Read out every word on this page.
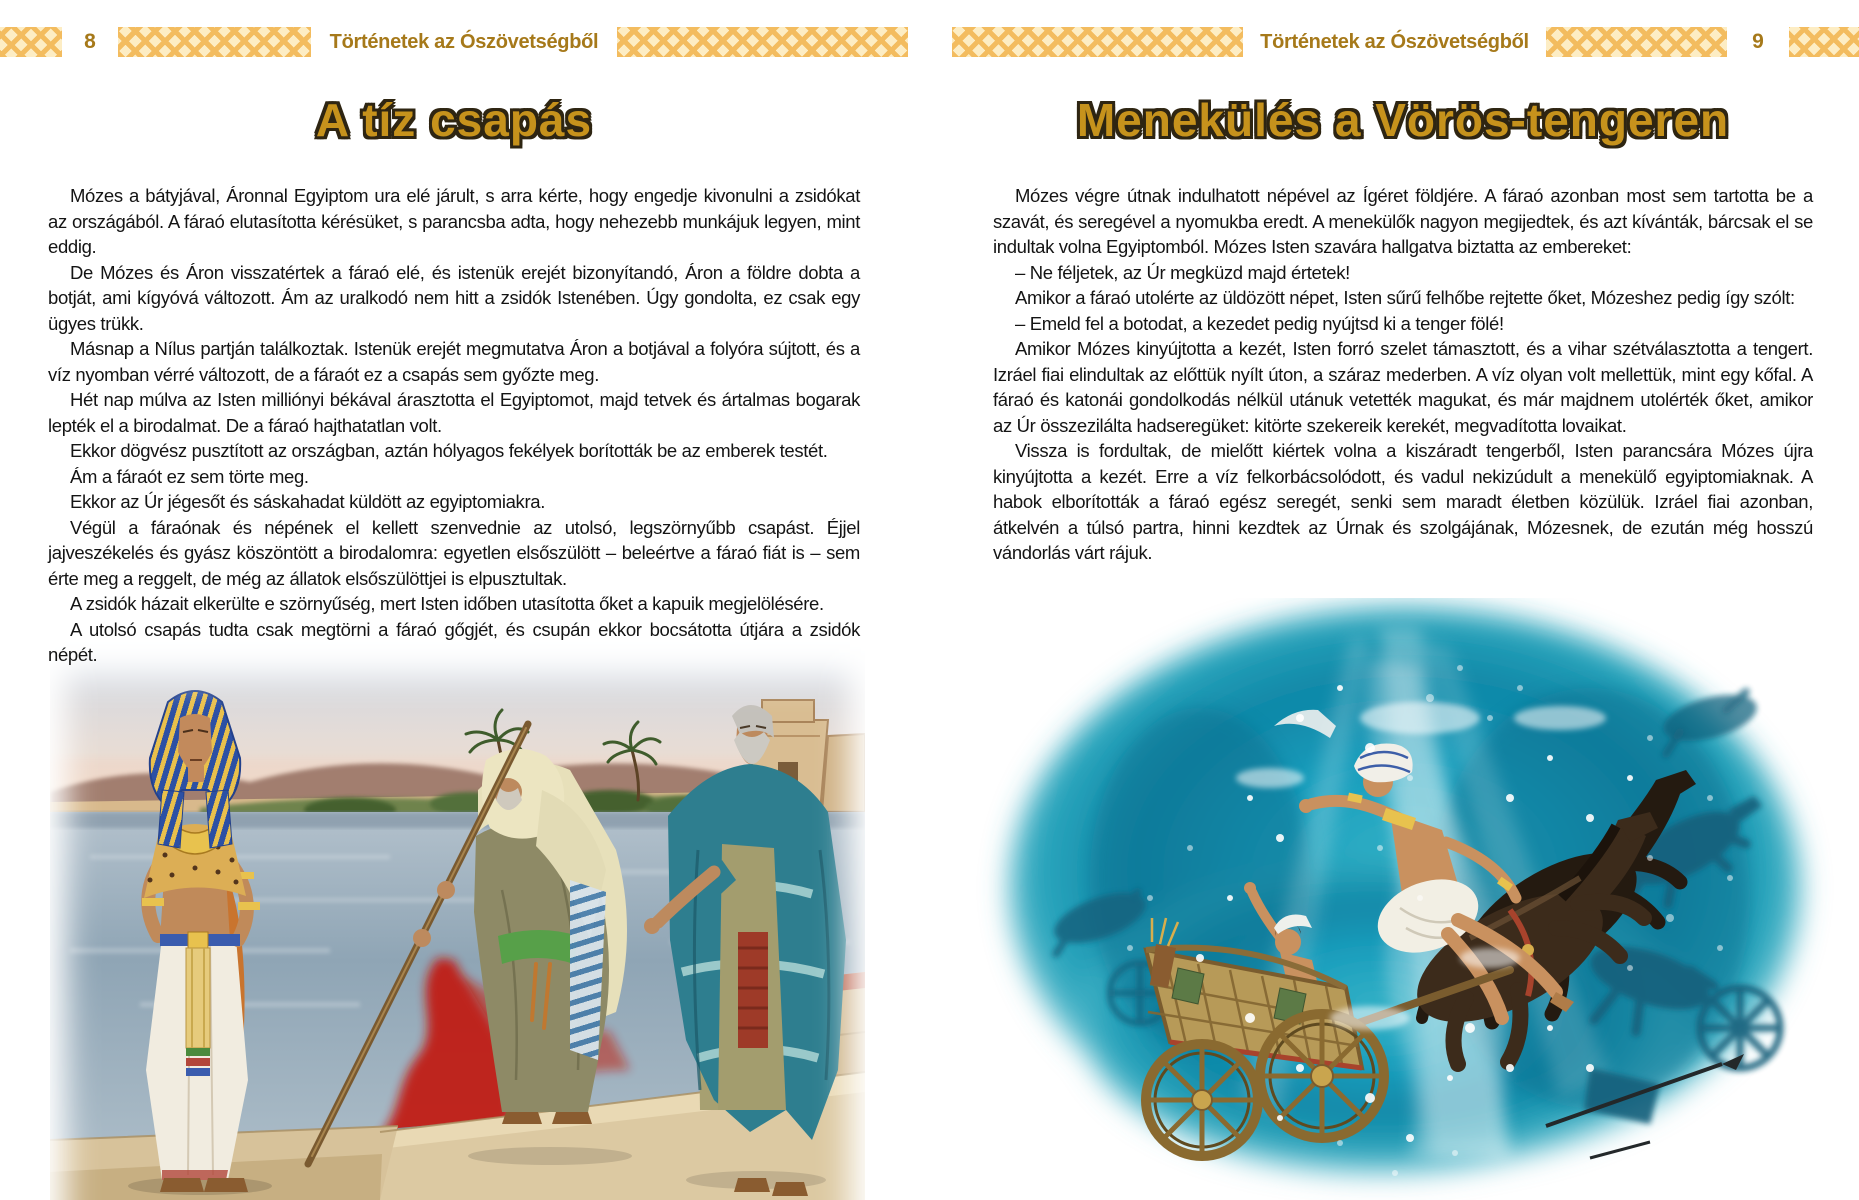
8	Történetek az Ószövetségből	Történetek az Ószövetségből	9
A tíz csapás	Menekülés a Vörös-tengeren

Mózes a bátyjával, Áronnal Egyiptom ura elé járult, s arra kérte, hogy engedje kivonulni a zsidókat az országából. A fáraó elutasította kérésüket, s parancsba adta, hogy nehezebb munkájuk legyen, mint eddig.

De Mózes és Áron visszatértek a fáraó elé, és istenük erejét bizonyítandó, Áron a földre dobta a botját, ami kígyóvá változott. Ám az uralkodó nem hitt a zsidók Istenében. Úgy gondolta, ez csak egy ügyes trükk.

Másnap a Nílus partján találkoztak. Istenük erejét megmutatva Áron a botjával a folyóra sújtott, és a víz nyomban vérré változott, de a fáraót ez a csapás sem győzte meg.

Hét nap múlva az Isten milliónyi békával árasztotta el Egyiptomot, majd tetvek és ártalmas bogarak lepték el a birodalmat. De a fáraó hajthatatlan volt.

Ekkor dögvész pusztított az országban, aztán hólyagos fekélyek borították be az emberek testét.

Ám a fáraót ez sem törte meg.

Ekkor az Úr jégesőt és sáskahadat küldött az egyiptomiakra.

Végül a fáraónak és népének el kellett szenvednie az utolsó, legszörnyűbb csapást. Éjjel jajveszékelés és gyász köszöntött a birodalomra: egyetlen elsőszülött – beleértve a fáraó fiát is – sem érte meg a reggelt, de még az állatok elsőszülöttjei is elpusztultak.

A zsidók házait elkerülte e szörnyűség, mert Isten időben utasította őket a kapuik megjelölésére.

A utolsó csapás tudta csak megtörni a fáraó gőgjét, és csupán ekkor bocsátotta útjára a zsidók népét.

Mózes végre útnak indulhatott népével az Ígéret földjére. A fáraó azonban most sem tartotta be a szavát, és seregével a nyomukba eredt. A menekülők nagyon megijedtek, és azt kívánták, bárcsak el se indultak volna Egyiptomból. Mózes Isten szavára hallgatva biztatta az embereket:

– Ne féljetek, az Úr megküzd majd értetek!

Amikor a fáraó utolérte az üldözött népet, Isten sűrű felhőbe rejtette őket, Mózeshez pedig így szólt:

– Emeld fel a botodat, a kezedet pedig nyújtsd ki a tenger fölé!

Amikor Mózes kinyújtotta a kezét, Isten forró szelet támasztott, és a vihar szétválasztotta a tengert. Izráel fiai elindultak az előttük nyílt úton, a száraz mederben. A víz olyan volt mellettük, mint egy kőfal. A fáraó és katonái gondolkodás nélkül utánuk vetették magukat, és már majdnem utolérték őket, amikor az Úr összezilálta hadseregüket: kitörte szekereik kerekét, megvadította lovaikat.

Vissza is fordultak, de mielőtt kiértek volna a kiszáradt tengerből, Isten parancsára Mózes újra kinyújtotta a kezét. Erre a víz felkorbácsolódott, és vadul nekizúdult a menekülő egyiptomiaknak. A habok elborították a fáraó egész seregét, senki sem maradt életben közülük. Izráel fiai azonban, átkelvén a túlsó partra, hinni kezdtek az Úrnak és szolgájának, Mózesnek, de ezután még hosszú vándorlás várt rájuk.
